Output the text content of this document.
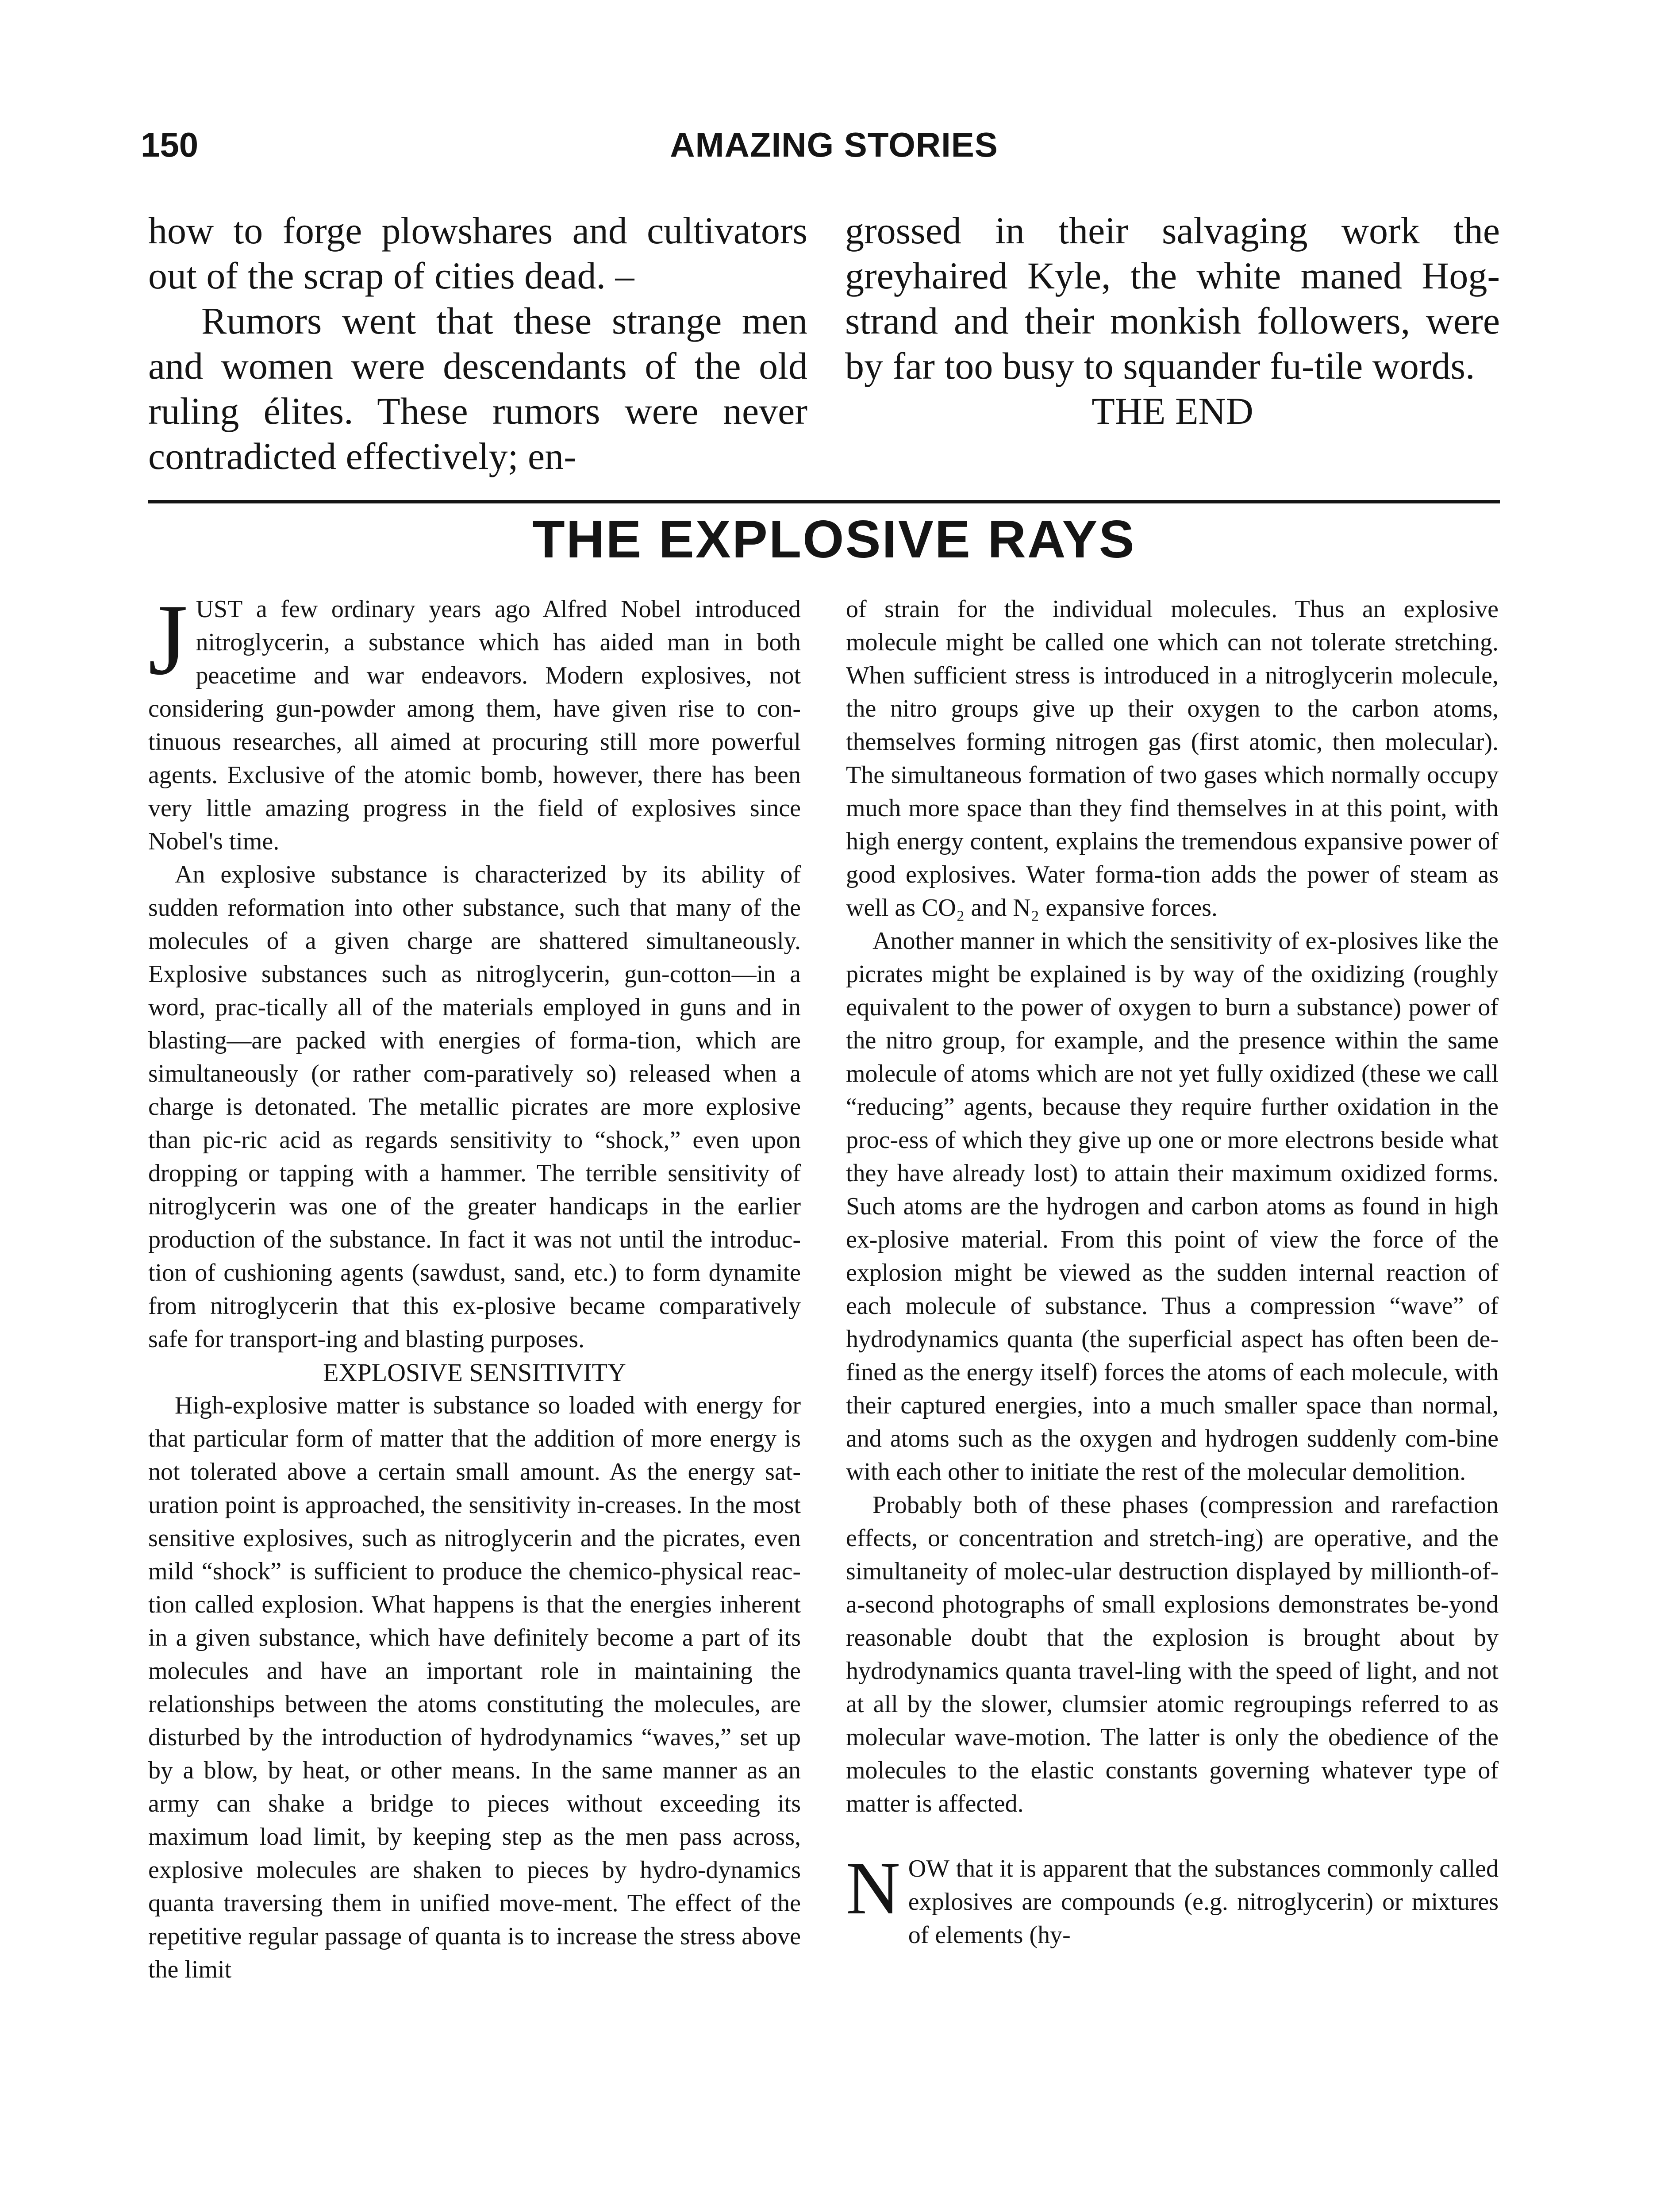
150	AMAZING STORIES

how to forge plowshares and cultivators out of the scrap of cities dead. –

Rumors went that these strange men and women were descendants of the old ruling élites. These rumors were never contradicted effectively; en-

grossed in their salvaging work the greyhaired Kyle, the white maned Hog-strand and their monkish followers, were by far too busy to squander fu-tile words.

THE END

THE EXPLOSIVE RAYS

JUST a few ordinary years ago Alfred Nobel introduced nitroglycerin, a substance which has aided man in both peacetime and war endeavors. Modern explosives, not considering gun-powder among them, have given rise to con-tinuous researches, all aimed at procuring still more powerful agents. Exclusive of the atomic bomb, however, there has been very little amazing progress in the field of explosives since Nobel's time.

An explosive substance is characterized by its ability of sudden reformation into other substance, such that many of the molecules of a given charge are shattered simultaneously. Explosive substances such as nitroglycerin, gun-cotton—in a word, prac-tically all of the materials employed in guns and in blasting—are packed with energies of forma-tion, which are simultaneously (or rather com-paratively so) released when a charge is detonated. The metallic picrates are more explosive than pic-ric acid as regards sensitivity to “shock,” even upon dropping or tapping with a hammer. The terrible sensitivity of nitroglycerin was one of the greater handicaps in the earlier production of the substance. In fact it was not until the introduc-tion of cushioning agents (sawdust, sand, etc.) to form dynamite from nitroglycerin that this ex-plosive became comparatively safe for transport-ing and blasting purposes.

EXPLOSIVE SENSITIVITY

High-explosive matter is substance so loaded with energy for that particular form of matter that the addition of more energy is not tolerated above a certain small amount. As the energy sat-uration point is approached, the sensitivity in-creases. In the most sensitive explosives, such as nitroglycerin and the picrates, even mild “shock” is sufficient to produce the chemico-physical reac-tion called explosion. What happens is that the energies inherent in a given substance, which have definitely become a part of its molecules and have an important role in maintaining the relationships between the atoms constituting the molecules, are disturbed by the introduction of hydrodynamics “waves,” set up by a blow, by heat, or other means. In the same manner as an army can shake a bridge to pieces without exceeding its maximum load limit, by keeping step as the men pass across, explosive molecules are shaken to pieces by hydro-dynamics quanta traversing them in unified move-ment. The effect of the repetitive regular passage of quanta is to increase the stress above the limit

of strain for the individual molecules. Thus an explosive molecule might be called one which can not tolerate stretching. When sufficient stress is introduced in a nitroglycerin molecule, the nitro groups give up their oxygen to the carbon atoms, themselves forming nitrogen gas (first atomic, then molecular). The simultaneous formation of two gases which normally occupy much more space than they find themselves in at this point, with high energy content, explains the tremendous expansive power of good explosives. Water forma-tion adds the power of steam as well as CO₂ and N₂ expansive forces.

Another manner in which the sensitivity of ex-plosives like the picrates might be explained is by way of the oxidizing (roughly equivalent to the power of oxygen to burn a substance) power of the nitro group, for example, and the presence within the same molecule of atoms which are not yet fully oxidized (these we call “reducing” agents, because they require further oxidation in the proc-ess of which they give up one or more electrons beside what they have already lost) to attain their maximum oxidized forms. Such atoms are the hydrogen and carbon atoms as found in high ex-plosive material. From this point of view the force of the explosion might be viewed as the sudden internal reaction of each molecule of substance. Thus a compression “wave” of hydrodynamics quanta (the superficial aspect has often been de-fined as the energy itself) forces the atoms of each molecule, with their captured energies, into a much smaller space than normal, and atoms such as the oxygen and hydrogen suddenly com-bine with each other to initiate the rest of the molecular demolition.

Probably both of these phases (compression and rarefaction effects, or concentration and stretch-ing) are operative, and the simultaneity of molec-ular destruction displayed by millionth-of-a-second photographs of small explosions demonstrates be-yond reasonable doubt that the explosion is brought about by hydrodynamics quanta travel-ling with the speed of light, and not at all by the slower, clumsier atomic regroupings referred to as molecular wave-motion. The latter is only the obedience of the molecules to the elastic constants governing whatever type of matter is affected.

NOW that it is apparent that the substances commonly called explosives are compounds (e.g. nitroglycerin) or mixtures of elements (hy-
